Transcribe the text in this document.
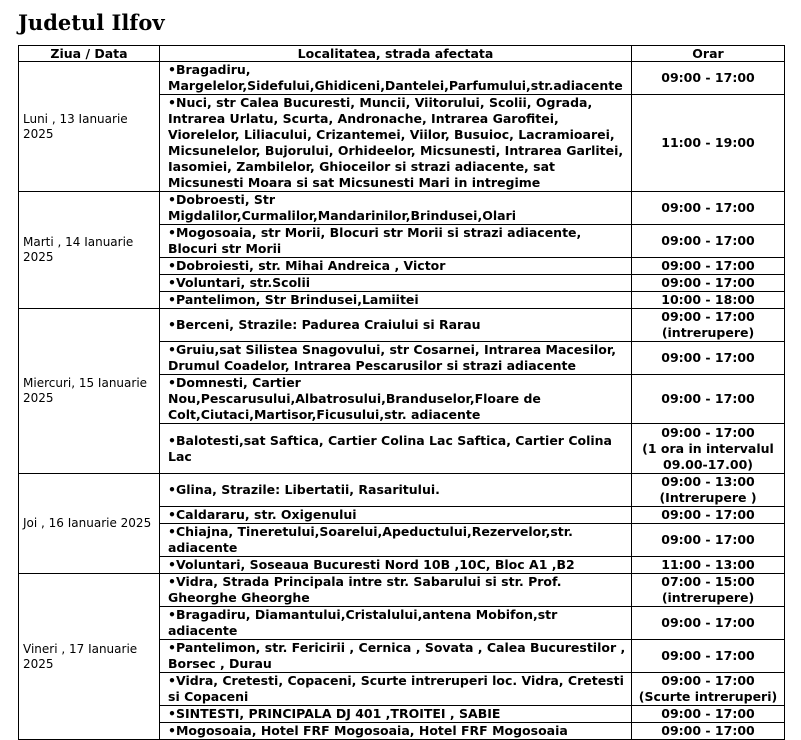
Judetul Ilfov
Ziua / Data	Localitatea, strada afectata	Orar
Luni , 13 Ianuarie 2025	•Bragadiru, Margelelor,Sidefului,Ghidiceni,Dantelei,Parfumului,str.adiacente	09:00 - 17:00
	•Nuci, str Calea Bucuresti, Muncii, Viitorului, Scolii, Ograda, Intrarea Urlatu, Scurta, Andronache, Intrarea Garofitei, Viorelelor, Liliacului, Crizantemei, Viilor, Busuioc, Lacramioarei, Micsunelelor, Bujorului, Orhideelor, Micsunesti, Intrarea Garlitei, Iasomiei, Zambilelor, Ghioceilor si strazi adiacente, sat Micsunesti Moara si sat Micsunesti Mari in intregime	11:00 - 19:00
Marti , 14 Ianuarie 2025	•Dobroesti, Str Migdalilor,Curmalilor,Mandarinilor,Brindusei,Olari	09:00 - 17:00
	•Mogosoaia, str Morii, Blocuri str Morii si strazi adiacente, Blocuri str Morii	09:00 - 17:00
	•Dobroiesti, str. Mihai Andreica , Victor	09:00 - 17:00
	•Voluntari, str.Scolii	09:00 - 17:00
	•Pantelimon, Str Brindusei,Lamiitei	10:00 - 18:00
Miercuri, 15 Ianuarie 2025	•Berceni, Strazile: Padurea Craiului si Rarau	09:00 - 17:00
(intrerupere)
	•Gruiu,sat Silistea Snagovului, str Cosarnei, Intrarea Macesilor, Drumul Coadelor, Intrarea Pescarusilor si strazi adiacente	09:00 - 17:00
	•Domnesti, Cartier Nou,Pescarusului,Albatrosului,Branduselor,Floare de Colt,Ciutaci,Martisor,Ficusului,str. adiacente	09:00 - 17:00
	•Balotesti,sat Saftica, Cartier Colina Lac Saftica, Cartier Colina Lac	09:00 - 17:00
(1 ora in intervalul
09.00-17.00)
Joi , 16 Ianuarie 2025	•Glina, Strazile: Libertatii, Rasaritului.	09:00 - 13:00
(Intrerupere )
	•Caldararu, str. Oxigenului	09:00 - 17:00
	•Chiajna, Tineretului,Soarelui,Apeductului,Rezervelor,str. adiacente	09:00 - 17:00
	•Voluntari, Soseaua Bucuresti Nord 10B ,10C, Bloc A1 ,B2	11:00 - 13:00
Vineri , 17 Ianuarie 2025	•Vidra, Strada Principala intre str. Sabarului si str. Prof. Gheorghe Gheorghe	07:00 - 15:00
(intrerupere)
	•Bragadiru, Diamantului,Cristalului,antena Mobifon,str adiacente	09:00 - 17:00
	•Pantelimon, str. Fericirii , Cernica , Sovata , Calea Bucurestilor , Borsec , Durau	09:00 - 17:00
	•Vidra, Cretesti, Copaceni, Scurte intreruperi loc. Vidra, Cretesti si Copaceni	09:00 - 17:00
(Scurte intreruperi)
	•SINTESTI, PRINCIPALA DJ 401 ,TROITEI , SABIE	09:00 - 17:00
	•Mogosoaia, Hotel FRF Mogosoaia, Hotel FRF Mogosoaia	09:00 - 17:00
